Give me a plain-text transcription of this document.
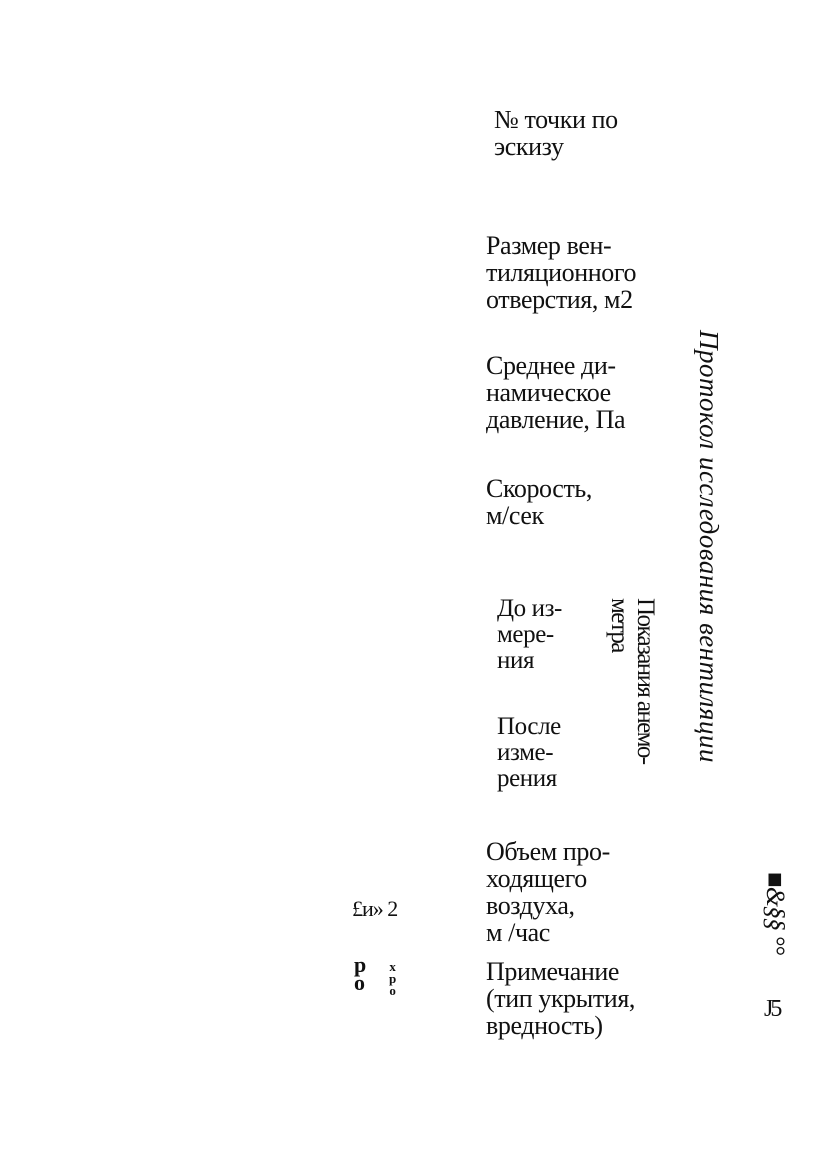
№ точки по
эскизу
Размер вен-
тиляционного
отверстия, м2
Среднее ди-
намическое
давление, Па
Скорость,
м/сек
До из-
мере-
ния
После
изме-
рения
Показания анемо-
метра
Объем про-
ходящего
воздуха,
м /час
Примечание
(тип укрытия,
вредность)
Протокол исследования вентиляции
£и» 2
р
о
х
р
о
■&§§ °°
J5
